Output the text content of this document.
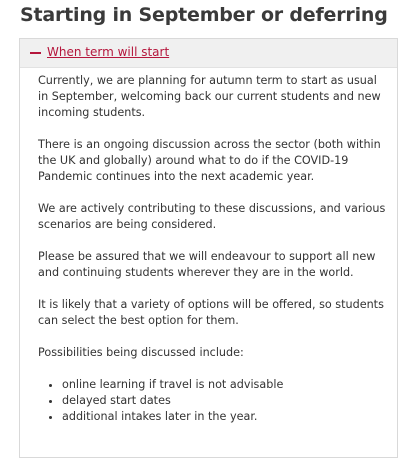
Starting in September or deferring
When term will start

Currently, we are planning for autumn term to start as usual in September, welcoming back our current students and new incoming students.

There is an ongoing discussion across the sector (both within the UK and globally) around what to do if the COVID-19 Pandemic continues into the next academic year.

We are actively contributing to these discussions, and various scenarios are being considered.

Please be assured that we will endeavour to support all new and continuing students wherever they are in the world.

It is likely that a variety of options will be offered, so students can select the best option for them.

Possibilities being discussed include:

• online learning if travel is not advisable
• delayed start dates
• additional intakes later in the year.
